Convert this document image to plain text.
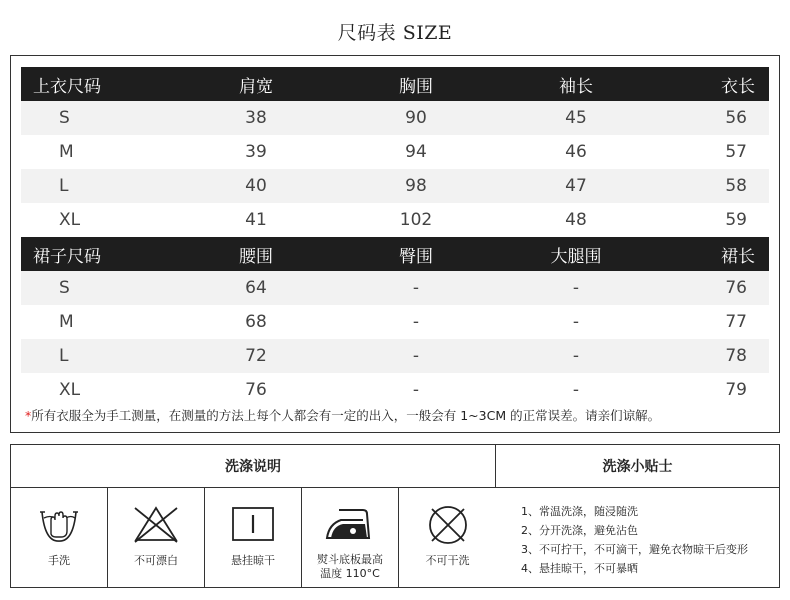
尺码表 SIZE
上衣尺码	肩宽	胸围	袖长	衣长
S	38	90	45	56
M	39	94	46	57
L	40	98	47	58
XL	41	102	48	59
裙子尺码	腰围	臀围	大腿围	裙长
S	64	-	-	76
M	68	-	-	77
L	72	-	-	78
XL	76	-	-	79
*所有衣服全为手工测量，在测量的方法上每个人都会有一定的出入，一般会有 1~3CM 的正常误差。请亲们谅解。
洗涤说明	洗涤小贴士
手洗	不可漂白	悬挂晾干	熨斗底板最高
温度 110°C
不可干洗
1、常温洗涤，随浸随洗
2、分开洗涤，避免沾色
3、不可拧干，不可滴干，避免衣物晾干后变形
4、悬挂晾干，不可暴晒
